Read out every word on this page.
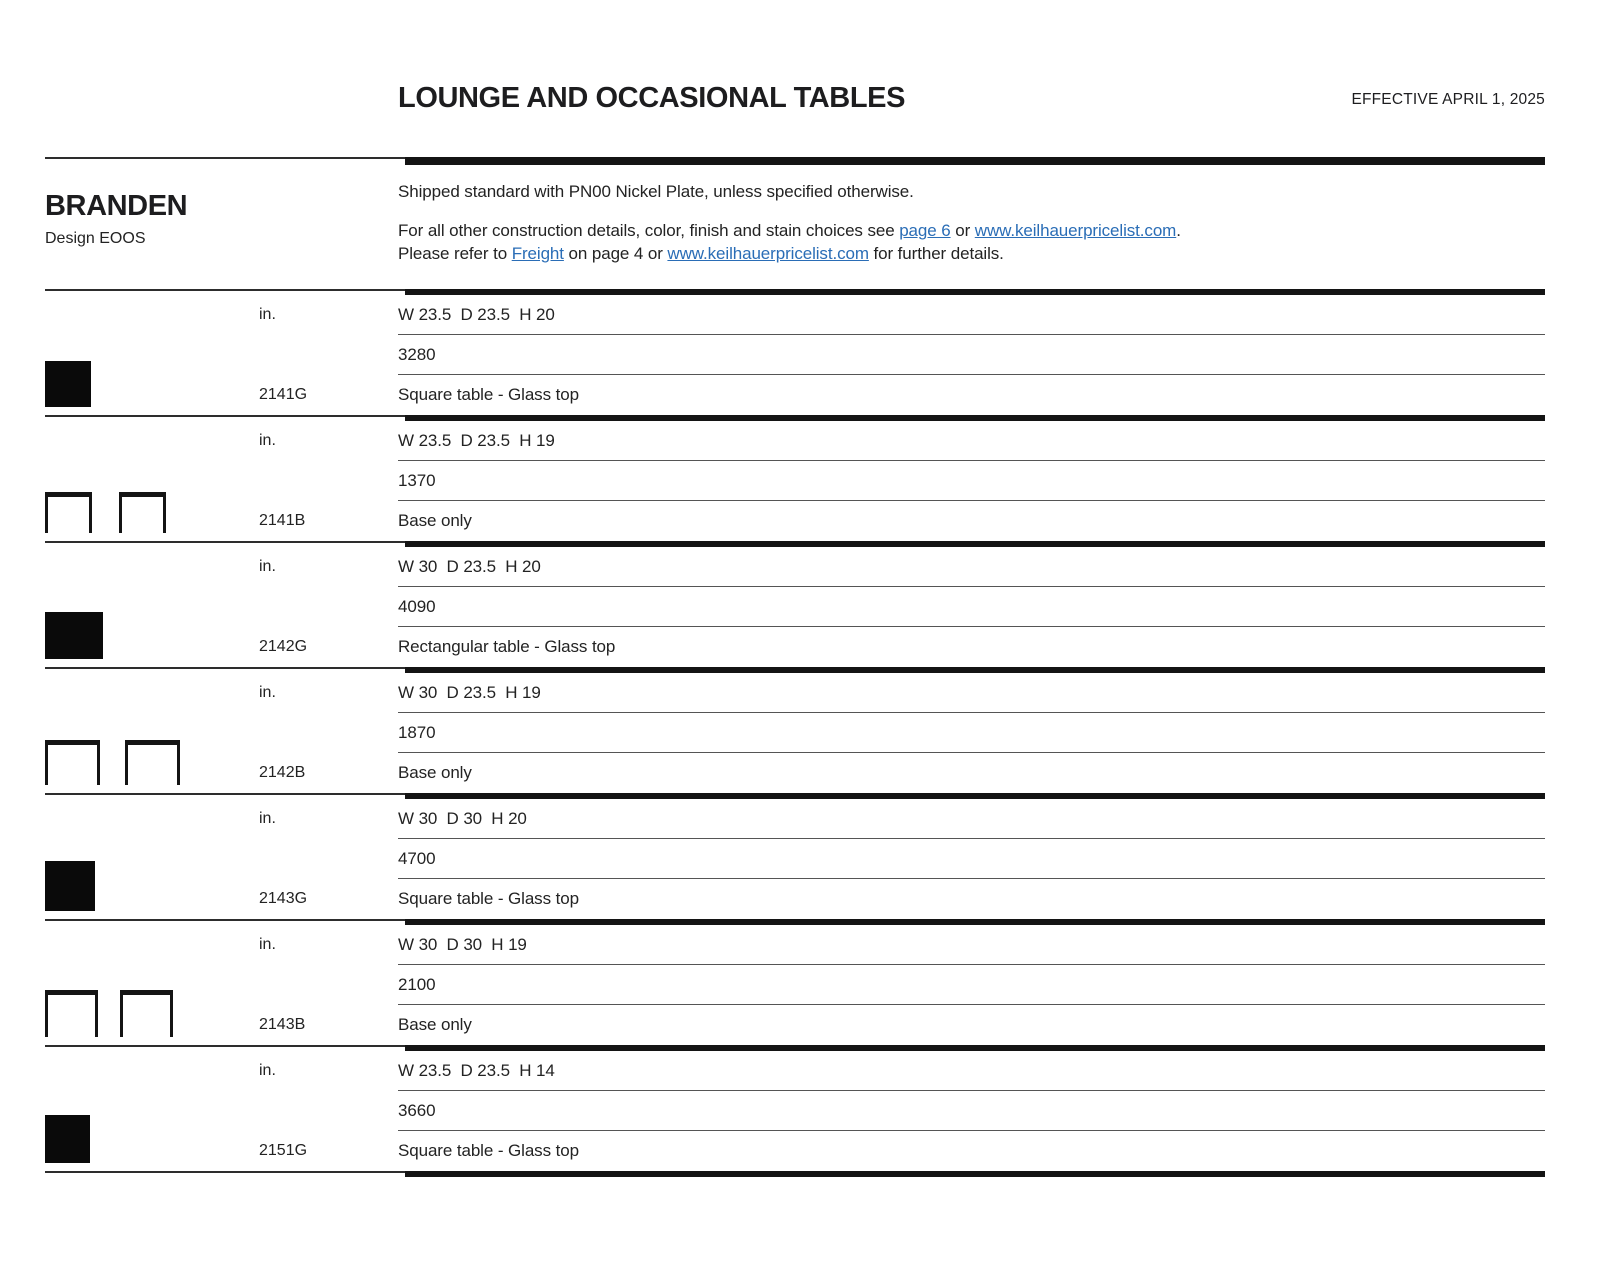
LOUNGE AND OCCASIONAL TABLES	EFFECTIVE APRIL 1, 2025
BRANDEN
Design EOOS

Shipped standard with PN00 Nickel Plate, unless specified otherwise.

For all other construction details, color, finish and stain choices see page 6 or www.keilhauerpricelist.com.

Please refer to Freight on page 4 or www.keilhauerpricelist.com for further details.

in.	W 23.5  D 23.5  H 20
3280
2141G	Square table - Glass top
in.	W 23.5  D 23.5  H 19
1370
2141B	Base only
in.	W 30  D 23.5  H 20
4090
2142G	Rectangular table - Glass top
in.	W 30  D 23.5  H 19
1870
2142B	Base only
in.	W 30  D 30  H 20
4700
2143G	Square table - Glass top
in.	W 30  D 30  H 19
2100
2143B	Base only
in.	W 23.5  D 23.5  H 14
3660
2151G	Square table - Glass top
